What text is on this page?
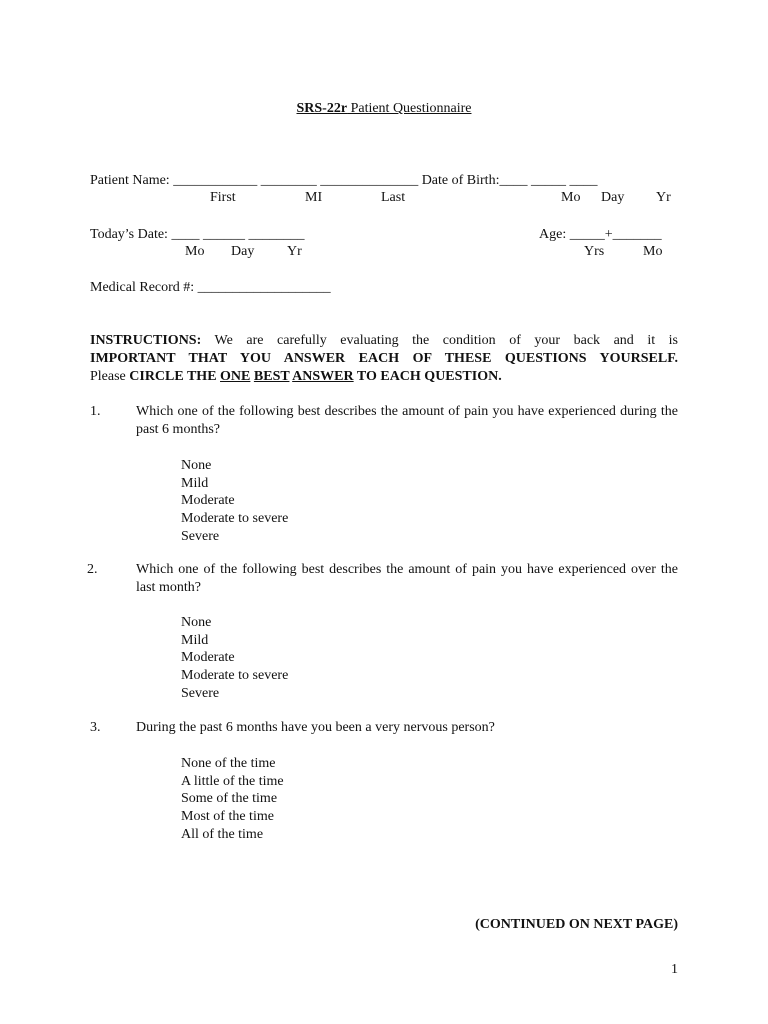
SRS-22r Patient Questionnaire
Patient Name: ____________ ________ ______________ Date of Birth:____ _____ ____
First	MI	Last	Mo Day Yr
Today’s Date: ____ ______ ________
Mo Day Yr
Age: _____+_______
Yrs	Mo
Medical Record #: ___________________
INSTRUCTIONS: We are carefully evaluating the condition of your back and it is
IMPORTANT THAT YOU ANSWER EACH OF THESE QUESTIONS YOURSELF.
Please CIRCLE THE ONE BEST ANSWER TO EACH QUESTION.
1.	Which one of the following best describes the amount of pain you have experienced during the past 6 months?
None
Mild
Moderate
Moderate to severe
Severe
2.	Which one of the following best describes the amount of pain you have experienced over the last month?
None
Mild
Moderate
Moderate to severe
Severe
3.	During the past 6 months have you been a very nervous person?
None of the time
A little of the time
Some of the time
Most of the time
All of the time
(CONTINUED ON NEXT PAGE)
1
